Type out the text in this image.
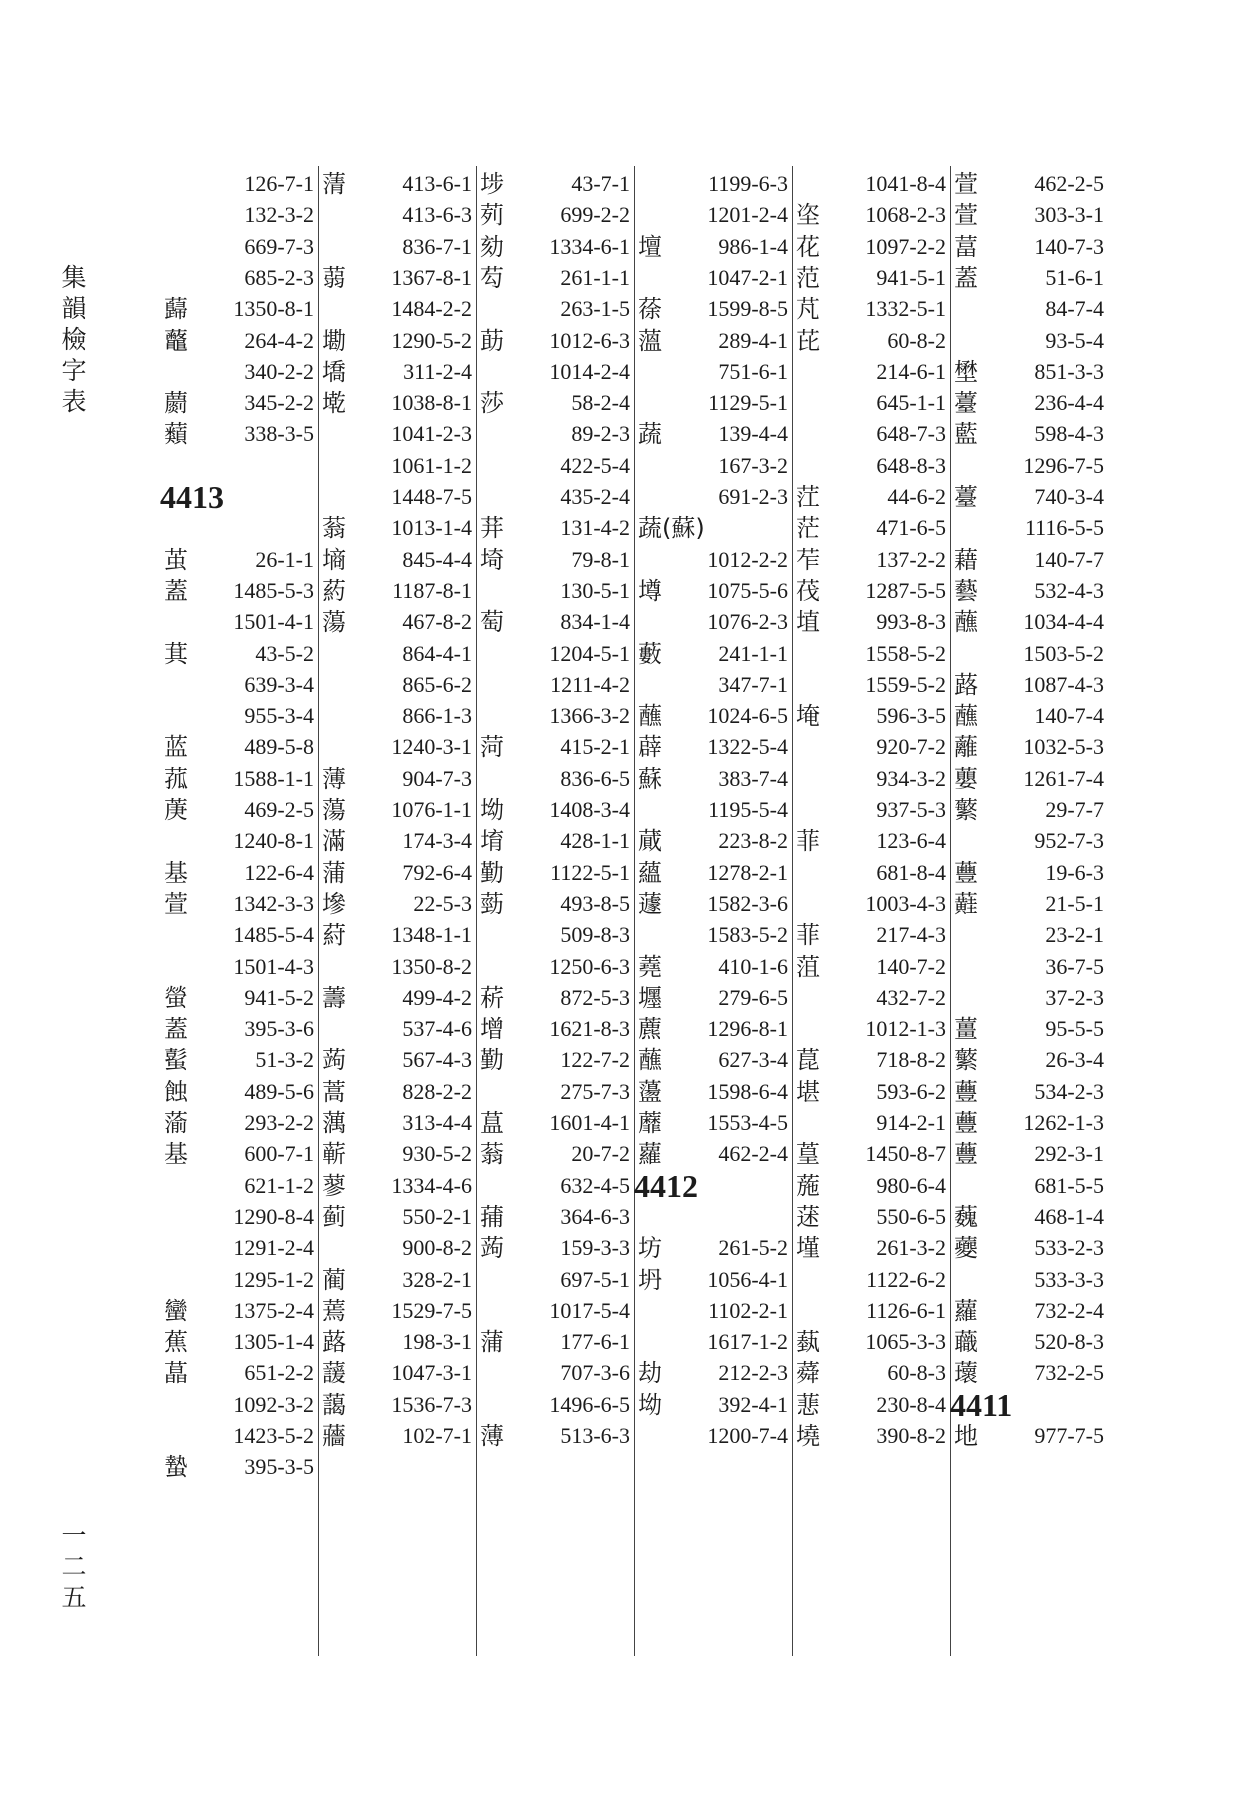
集
韻
檢
字
表
一
二
五
126-7-1
132-3-2
669-7-3
685-2-3
蘬	1350-8-1
虌	264-4-2
340-2-2
蘮	345-2-2
蘱	338-3-5
4413
茧	26-1-1
蓋	1485-5-3
1501-4-1
萁	43-5-2
639-3-4
955-3-4
蓝	489-5-8
菰	1588-1-1
菮	469-2-5
1240-8-1
基	122-6-4
萱	1342-3-3
1485-5-4
1501-4-3
螢	941-5-2
蓋	395-3-6
蟚	51-3-2
蝕	489-5-6
蕍	293-2-2
基	600-7-1
621-1-2
1290-8-4
1291-2-4
1295-1-2
蠻	1375-2-4
蕉	1305-1-4
蕌	651-2-2
1092-3-2
1423-5-2
蟄	395-3-5
蔳	413-6-1
413-6-3
836-7-1
蒻	1367-8-1
1484-2-2
墈	1290-5-2
墧	311-2-4
墘	1038-8-1
1041-2-3
1061-1-2
1448-7-5
蓊	1013-1-4
墒	845-4-4
葯	1187-8-1
蕩	467-8-2
864-4-1
865-6-2
866-1-3
1240-3-1
薄	904-7-3
蕩	1076-1-1
滿	174-3-4
蒲	792-6-4
墋	22-5-3
葤	1348-1-1
1350-8-2
薵	499-4-2
537-4-6
蒟	567-4-3
蒿	828-2-2
蕅	313-4-4
蕲	930-5-2
蓼	1334-4-6
蓟	550-2-1
900-8-2
蔺	328-2-1
蔫	1529-7-5
蕗	198-3-1
蘐	1047-3-1
藹	1536-7-3
蘠	102-7-1
埗	43-7-1
茢	699-2-2
劾	1334-6-1
芶	261-1-1
263-1-5
莇	1012-6-3
1014-2-4
莎	58-2-4
89-2-3
422-5-4
435-2-4
荓	131-4-2
埼	79-8-1
130-5-1
萄	834-1-4
1204-5-1
1211-4-2
1366-3-2
菏	415-2-1
836-6-5
坳	1408-3-4
堉	428-1-1
勤	1122-5-1
葝	493-8-5
509-8-3
1250-6-3
菥	872-5-3
增	1621-8-3
勤	122-7-2
275-7-3
蒀	1601-4-1
蓊	20-7-2
632-4-5
蒱	364-6-3
蒟	159-3-3
697-5-1
1017-5-4
蒲	177-6-1
707-3-6
1496-6-5
薄	513-6-3
1199-6-3
1201-2-4
壇	986-1-4
1047-2-1
蒣	1599-8-5
薀	289-4-1
751-6-1
1129-5-1
蔬	139-4-4
167-3-2
691-2-3
蔬(蘇)
1012-2-2
壿	1075-5-6
1076-2-3
藪	241-1-1
347-7-1
蘸	1024-6-5
薜	1322-5-4
蘇	383-7-4
1195-5-4
蕆	223-8-2
蘊	1278-2-1
蘧	1582-3-6
1583-5-2
蕘	410-1-6
壥	279-6-5
藨	1296-8-1
蘸	627-3-4
蘯	1598-6-4
蘼	1553-4-5
蘿	462-2-4
4412
坊	261-5-2
坍	1056-4-1
1102-2-1
1617-1-2
劫	212-2-3
坳	392-4-1
1200-7-4
1041-8-4
垐	1068-2-3
花	1097-2-2
范	941-5-1
芃	1332-5-1
芘	60-8-2
214-6-1
645-1-1
648-7-3
648-8-3
茳	44-6-2
茫	471-6-5
苲	137-2-2
茷	1287-5-5
埴	993-8-3
1558-5-2
1559-5-2
埯	596-3-5
920-7-2
934-3-2
937-5-3
菲	123-6-4
681-8-4
1003-4-3
菲	217-4-3
菹	140-7-2
432-7-2
1012-1-3
菎	718-8-2
堪	593-6-2
914-2-1
葟	1450-8-7
葹	980-6-4
蒁	550-6-5
墐	261-3-2
1122-6-2
1126-6-1
蓺	1065-3-3
蕣	60-8-3
蕜	230-8-4
墝	390-8-2
萱	462-2-5
萱	303-3-1
葍	140-7-3
蓋	51-6-1
84-7-4
93-5-4
壄	851-3-3
薹	236-4-4
藍	598-4-3
1296-7-5
薹	740-3-4
1116-5-5
藉	140-7-7
藝	532-4-3
蘸	1034-4-4
1503-5-2
蕗	1087-4-3
蘸	140-7-4
蘺	1032-5-3
蘡	1261-7-4
蘩	29-7-7
952-7-3
蘴	19-6-3
蘳	21-5-1
23-2-1
36-7-5
37-2-3
薑	95-5-5
蘩	26-3-4
蘴	534-2-3
蘴	1262-1-3
蘴	292-3-1
681-5-5
蘶	468-1-4
蘷	533-2-3
533-3-3
蘿	732-2-4
蘵	520-8-3
蘾	732-2-5
4411
地	977-7-5
